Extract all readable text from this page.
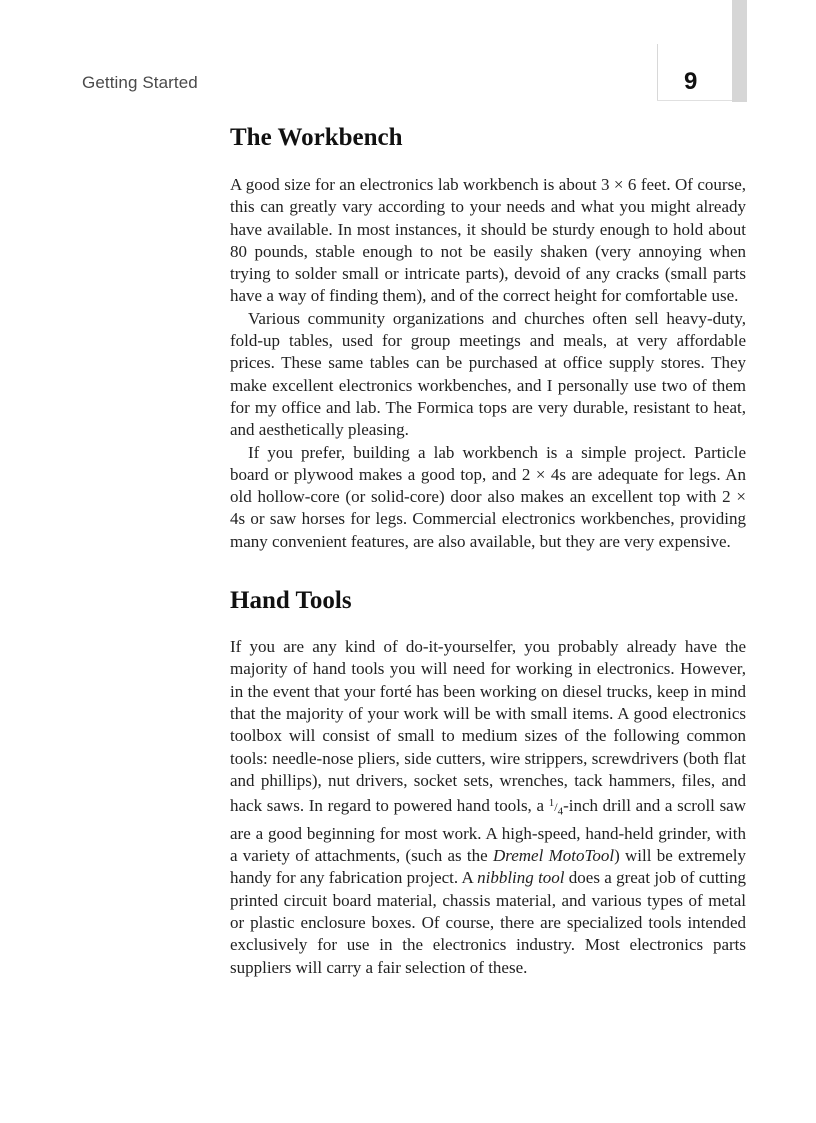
Getting Started	9
The Workbench

A good size for an electronics lab workbench is about 3 × 6 feet. Of course, this can greatly vary according to your needs and what you might already have available. In most instances, it should be sturdy enough to hold about 80 pounds, stable enough to not be easily shaken (very annoying when trying to solder small or intricate parts), devoid of any cracks (small parts have a way of finding them), and of the correct height for comfortable use.

Various community organizations and churches often sell heavy-duty, fold-up tables, used for group meetings and meals, at very affordable prices. These same tables can be purchased at office supply stores. They make excellent electronics workbenches, and I personally use two of them for my office and lab. The Formica tops are very durable, resistant to heat, and aesthetically pleasing.

If you prefer, building a lab workbench is a simple project. Particle board or plywood makes a good top, and 2 × 4s are adequate for legs. An old hollow-core (or solid-core) door also makes an excellent top with 2 × 4s or saw horses for legs. Commercial electronics workbenches, providing many convenient features, are also available, but they are very expensive.

Hand Tools

If you are any kind of do-it-yourselfer, you probably already have the majority of hand tools you will need for working in electronics. However, in the event that your forté has been working on diesel trucks, keep in mind that the majority of your work will be with small items. A good electronics toolbox will consist of small to medium sizes of the following common tools: needle-nose pliers, side cutters, wire strippers, screwdrivers (both flat and phillips), nut drivers, socket sets, wrenches, tack hammers, files, and hack saws. In regard to powered hand tools, a $^1/_4$-inch drill and a scroll saw are a good beginning for most work. A high-speed, hand-held grinder, with a variety of attachments, (such as the Dremel MotoTool) will be extremely handy for any fabrication project. A nibbling tool does a great job of cutting printed circuit board material, chassis material, and various types of metal or plastic enclosure boxes. Of course, there are specialized tools intended exclusively for use in the electronics industry. Most electronics parts suppliers will carry a fair selection of these.
